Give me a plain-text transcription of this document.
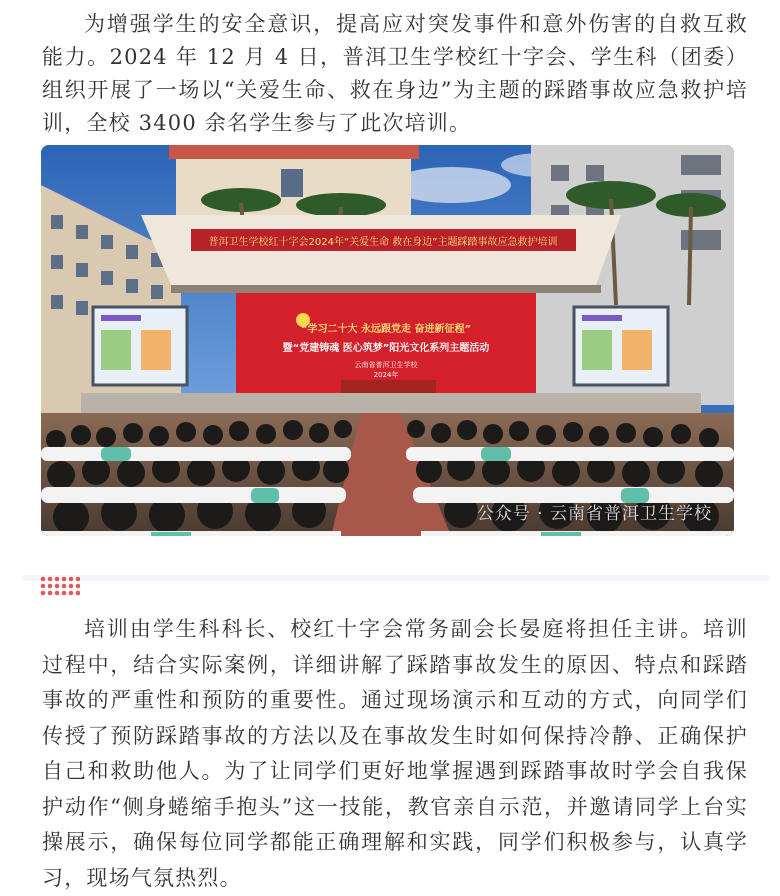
为增强学生的安全意识，提高应对突发事件和意外伤害的自救互救能力。2024 年 12 月 4 日，普洱卫生学校红十字会、学生科（团委）组织开展了一场以“关爱生命、救在身边”为主题的踩踏事故应急救护培训，全校 3400 余名学生参与了此次培训。

普洱卫生学校红十字会2024年“关爱生命 救在身边”主题踩踏事故应急救护培训
“学习二十大 永远跟党走 奋进新征程”
暨“党建铸魂 医心筑梦”阳光文化系列主题活动
云南省普洱卫生学校
2024年
公众号 · 云南省普洱卫生学校

培训由学生科科长、校红十字会常务副会长晏庭将担任主讲。培训过程中，结合实际案例，详细讲解了踩踏事故发生的原因、特点和踩踏事故的严重性和预防的重要性。通过现场演示和互动的方式，向同学们传授了预防踩踏事故的方法以及在事故发生时如何保持冷静、正确保护自己和救助他人。为了让同学们更好地掌握遇到踩踏事故时学会自我保护动作“侧身蜷缩手抱头”这一技能，教官亲自示范，并邀请同学上台实操展示，确保每位同学都能正确理解和实践，同学们积极参与，认真学习，现场气氛热烈。
